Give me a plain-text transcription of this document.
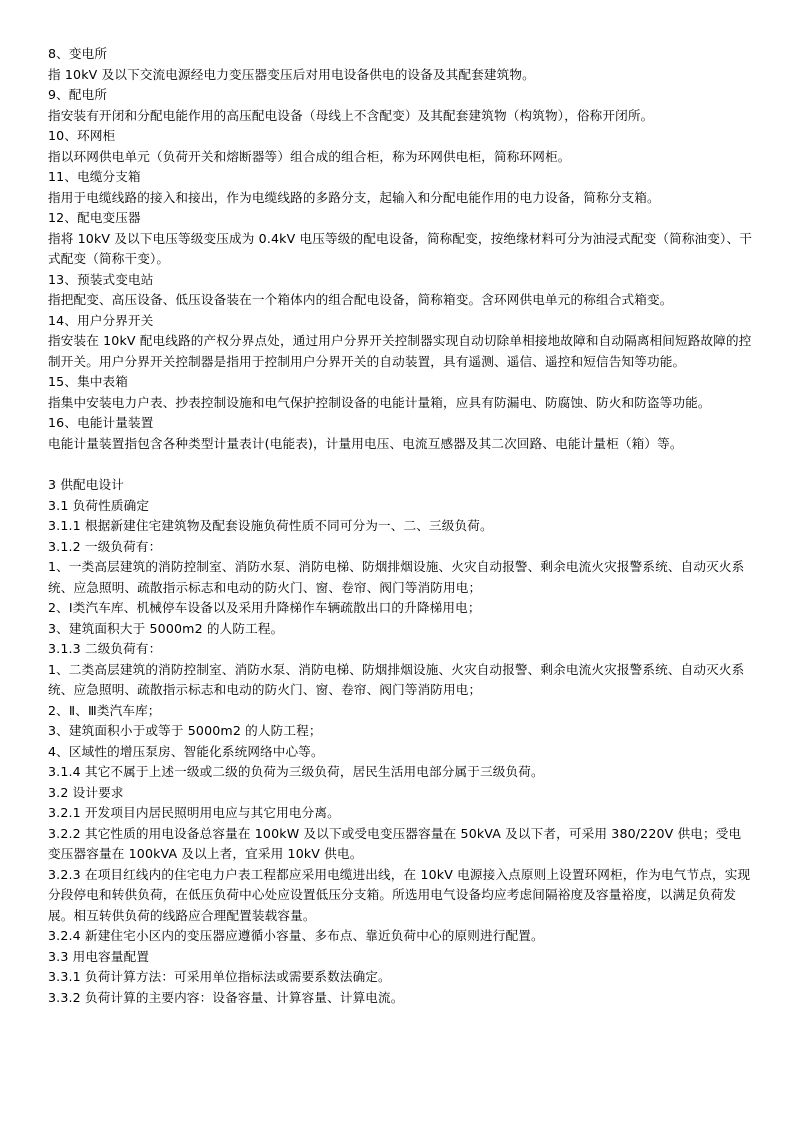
8、变电所

指 10kV 及以下交流电源经电力变压器变压后对用电设备供电的设备及其配套建筑物。

9、配电所

指安装有开闭和分配电能作用的高压配电设备（母线上不含配变）及其配套建筑物（构筑物），俗称开闭所。

10、环网柜

指以环网供电单元（负荷开关和熔断器等）组合成的组合柜，称为环网供电柜，简称环网柜。

11、电缆分支箱

指用于电缆线路的接入和接出，作为电缆线路的多路分支，起输入和分配电能作用的电力设备，简称分支箱。

12、配电变压器

指将 10kV 及以下电压等级变压成为 0.4kV 电压等级的配电设备，简称配变，按绝缘材料可分为油浸式配变（简称油变）、干式配变（简称干变）。

13、预装式变电站

指把配变、高压设备、低压设备装在一个箱体内的组合配电设备，简称箱变。含环网供电单元的称组合式箱变。

14、用户分界开关

指安装在 10kV 配电线路的产权分界点处，通过用户分界开关控制器实现自动切除单相接地故障和自动隔离相间短路故障的控制开关。用户分界开关控制器是指用于控制用户分界开关的自动装置，具有遥测、遥信、遥控和短信告知等功能。

15、集中表箱

指集中安装电力户表、抄表控制设施和电气保护控制设备的电能计量箱，应具有防漏电、防腐蚀、防火和防盗等功能。

16、电能计量装置

电能计量装置指包含各种类型计量表计(电能表)，计量用电压、电流互感器及其二次回路、电能计量柜（箱）等。

3 供配电设计

3.1 负荷性质确定

3.1.1 根据新建住宅建筑物及配套设施负荷性质不同可分为一、二、三级负荷。

3.1.2 一级负荷有：

1、一类高层建筑的消防控制室、消防水泵、消防电梯、防烟排烟设施、火灾自动报警、剩余电流火灾报警系统、自动灭火系统、应急照明、疏散指示标志和电动的防火门、窗、卷帘、阀门等消防用电；

2、Ⅰ类汽车库、机械停车设备以及采用升降梯作车辆疏散出口的升降梯用电；

3、建筑面积大于 5000m2 的人防工程。

3.1.3 二级负荷有：

1、二类高层建筑的消防控制室、消防水泵、消防电梯、防烟排烟设施、火灾自动报警、剩余电流火灾报警系统、自动灭火系统、应急照明、疏散指示标志和电动的防火门、窗、卷帘、阀门等消防用电；

2、Ⅱ、Ⅲ类汽车库；

3、建筑面积小于或等于 5000m2 的人防工程；

4、区域性的增压泵房、智能化系统网络中心等。

3.1.4 其它不属于上述一级或二级的负荷为三级负荷，居民生活用电部分属于三级负荷。

3.2 设计要求

3.2.1 开发项目内居民照明用电应与其它用电分离。

3.2.2 其它性质的用电设备总容量在 100kW 及以下或受电变压器容量在 50kVA 及以下者，可采用 380/220V 供电；受电变压器容量在 100kVA 及以上者，宜采用 10kV 供电。

3.2.3 在项目红线内的住宅电力户表工程都应采用电缆进出线，在 10kV 电源接入点原则上设置环网柜，作为电气节点，实现分段停电和转供负荷，在低压负荷中心处应设置低压分支箱。所选用电气设备均应考虑间隔裕度及容量裕度，以满足负荷发展。相互转供负荷的线路应合理配置装载容量。

3.2.4 新建住宅小区内的变压器应遵循小容量、多布点、靠近负荷中心的原则进行配置。

3.3 用电容量配置

3.3.1 负荷计算方法：可采用单位指标法或需要系数法确定。

3.3.2 负荷计算的主要内容：设备容量、计算容量、计算电流。
